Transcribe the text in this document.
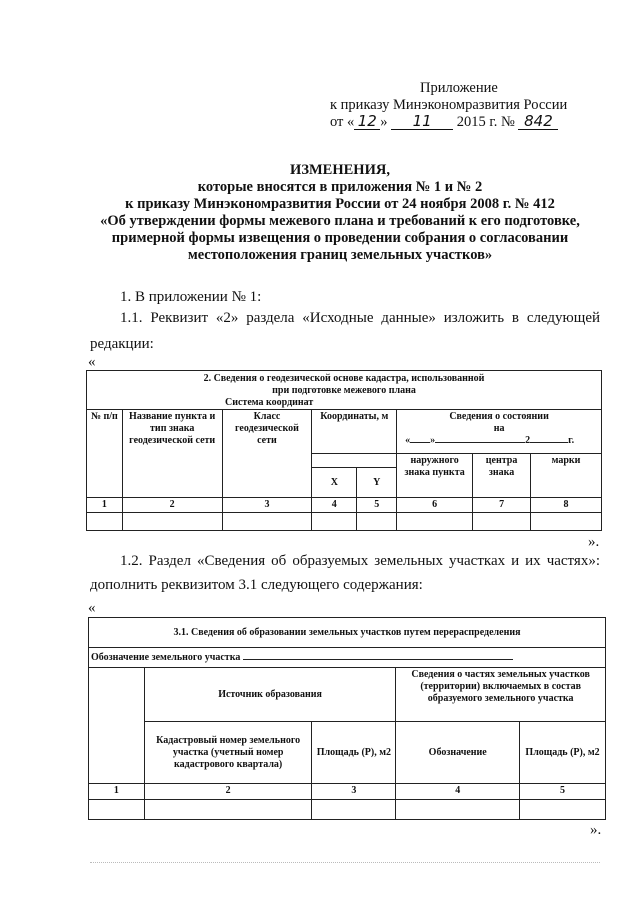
Приложение
к приказу Минэкономразвития России
от « 12 » 11 2015 г. № 842
ИЗМЕНЕНИЯ,
которые вносятся в приложения № 1 и № 2
к приказу Минэкономразвития России от 24 ноября 2008 г. № 412
«Об утверждении формы межевого плана и требований к его подготовке,
примерной формы извещения о проведении собрания о согласовании
местоположения границ земельных участков»
1. В приложении № 1:
1.1. Реквизит «2» раздела «Исходные данные» изложить в следующей
редакции:
«
2. Сведения о геодезической основе кадастра, использованной
при подготовке межевого плана
Система координат							

№ п/п	Название пункта и тип знака геодезической сети	Класс геодезической сети	Координаты, м		Сведения о состоянии
на
« » 2 г.		

					наружного знака пункта	центра знака	марки
			X	Y			
1	2	3	4	5	6	7	8

».
1.2. Раздел «Сведения об образуемых земельных участках и их частях»:
дополнить реквизитом 3.1 следующего содержания:
«
3.1. Сведения об образовании земельных участков путем перераспределения				
Обозначение земельного участка				
	Источник образования		Сведения о частях земельных участков (территории) включаемых в состав образуемого земельного участка	
	Кадастровый номер земельного участка (учетный номер кадастрового квартала)	Площадь (Р), м2	Обозначение	Площадь (Р), м2
1	2	3	4	5

».
